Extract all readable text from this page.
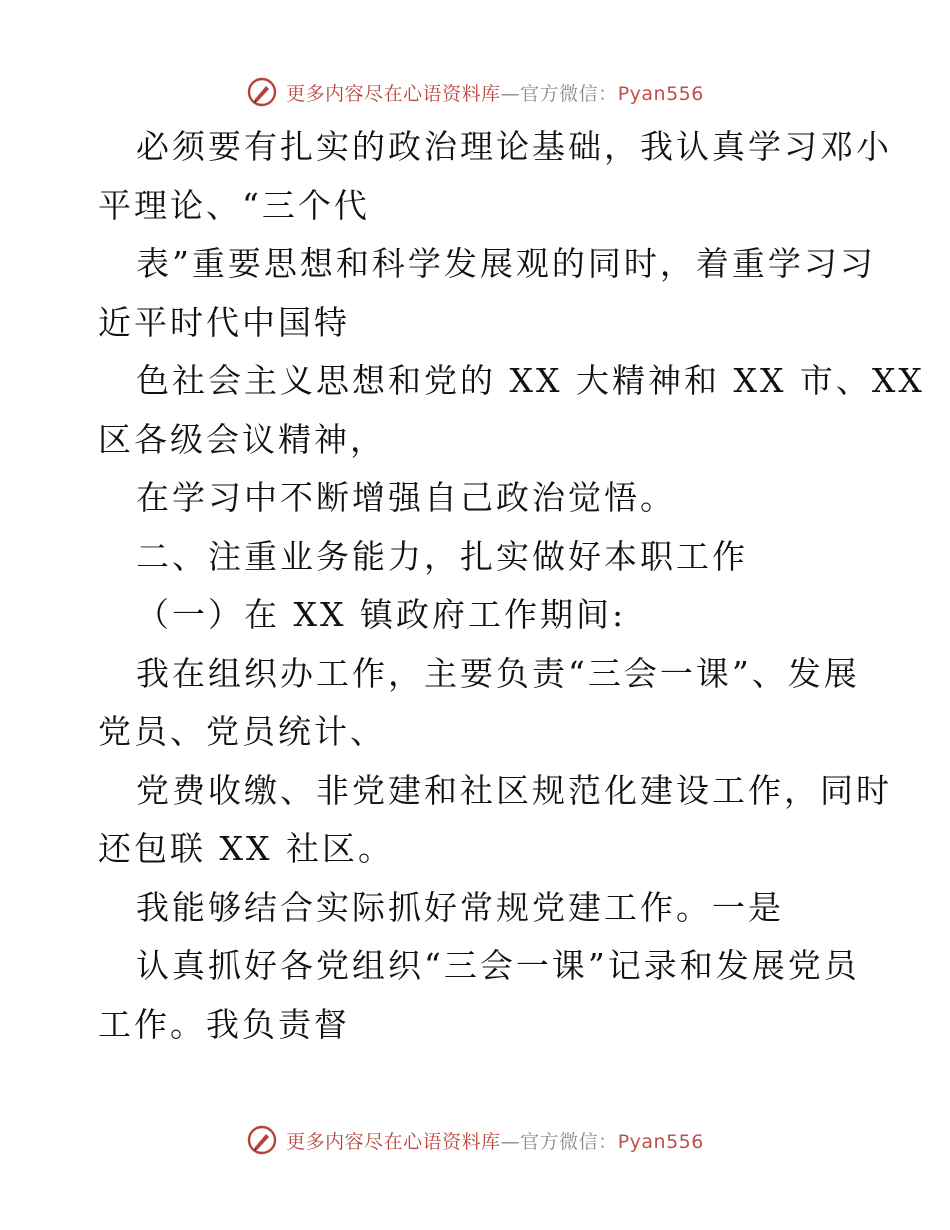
更多内容尽在心语资料库—官方微信：Pyan556
必须要有扎实的政治理论基础，我认真学习邓小
平理论、“三个代
表”重要思想和科学发展观的同时，着重学习习
近平时代中国特
色社会主义思想和党的 XX 大精神和 XX 市、XX
区各级会议精神，
在学习中不断增强自己政治觉悟。
二、注重业务能力，扎实做好本职工作
（一）在 XX 镇政府工作期间:
我在组织办工作，主要负责“三会一课”、发展
党员、党员统计、
党费收缴、非党建和社区规范化建设工作，同时
还包联 XX 社区。
我能够结合实际抓好常规党建工作。一是
认真抓好各党组织“三会一课”记录和发展党员
工作。我负责督
更多内容尽在心语资料库—官方微信：Pyan556
